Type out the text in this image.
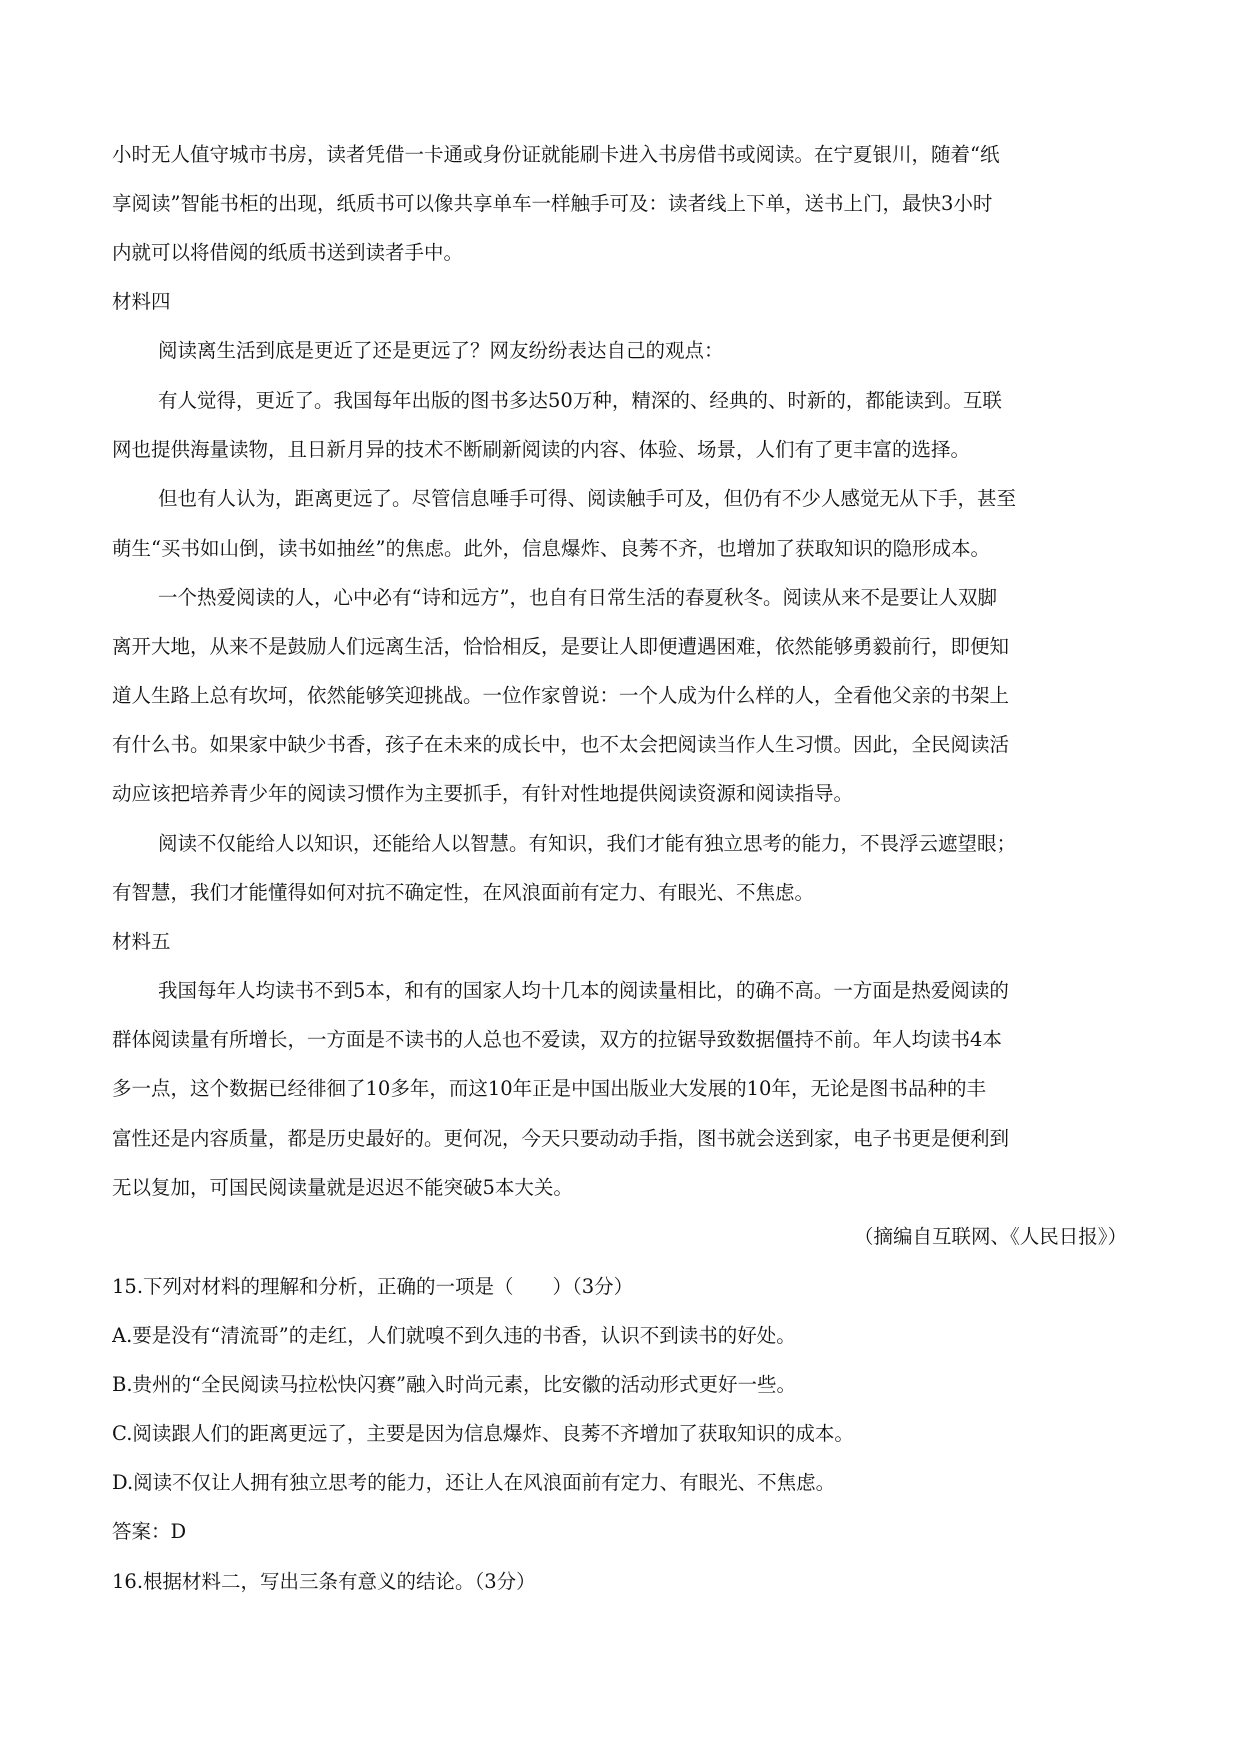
小时无人值守城市书房，读者凭借一卡通或身份证就能刷卡进入书房借书或阅读。在宁夏银川，随着“纸
享阅读”智能书柜的出现，纸质书可以像共享单车一样触手可及：读者线上下单，送书上门，最快3小时
内就可以将借阅的纸质书送到读者手中。
材料四
阅读离生活到底是更近了还是更远了？网友纷纷表达自己的观点：
有人觉得，更近了。我国每年出版的图书多达50万种，精深的、经典的、时新的，都能读到。互联
网也提供海量读物，且日新月异的技术不断刷新阅读的内容、体验、场景，人们有了更丰富的选择。
但也有人认为，距离更远了。尽管信息唾手可得、阅读触手可及，但仍有不少人感觉无从下手，甚至
萌生“买书如山倒，读书如抽丝”的焦虑。此外，信息爆炸、良莠不齐，也增加了获取知识的隐形成本。
一个热爱阅读的人，心中必有“诗和远方”，也自有日常生活的春夏秋冬。阅读从来不是要让人双脚
离开大地，从来不是鼓励人们远离生活，恰恰相反，是要让人即便遭遇困难，依然能够勇毅前行，即便知
道人生路上总有坎坷，依然能够笑迎挑战。一位作家曾说：一个人成为什么样的人，全看他父亲的书架上
有什么书。如果家中缺少书香，孩子在未来的成长中，也不太会把阅读当作人生习惯。因此，全民阅读活
动应该把培养青少年的阅读习惯作为主要抓手，有针对性地提供阅读资源和阅读指导。
阅读不仅能给人以知识，还能给人以智慧。有知识，我们才能有独立思考的能力，不畏浮云遮望眼；
有智慧，我们才能懂得如何对抗不确定性，在风浪面前有定力、有眼光、不焦虑。
材料五
我国每年人均读书不到5本，和有的国家人均十几本的阅读量相比，的确不高。一方面是热爱阅读的
群体阅读量有所增长，一方面是不读书的人总也不爱读，双方的拉锯导致数据僵持不前。年人均读书4本
多一点，这个数据已经徘徊了10多年，而这10年正是中国出版业大发展的10年，无论是图书品种的丰
富性还是内容质量，都是历史最好的。更何况，今天只要动动手指，图书就会送到家，电子书更是便利到
无以复加，可国民阅读量就是迟迟不能突破5本大关。
（摘编自互联网、《人民日报》）
15.下列对材料的理解和分析，正确的一项是（　　）（3分）
A.要是没有“清流哥”的走红，人们就嗅不到久违的书香，认识不到读书的好处。
B.贵州的“全民阅读马拉松快闪赛”融入时尚元素，比安徽的活动形式更好一些。
C.阅读跟人们的距离更远了，主要是因为信息爆炸、良莠不齐增加了获取知识的成本。
D.阅读不仅让人拥有独立思考的能力，还让人在风浪面前有定力、有眼光、不焦虑。
答案：D
16.根据材料二，写出三条有意义的结论。（3分）
